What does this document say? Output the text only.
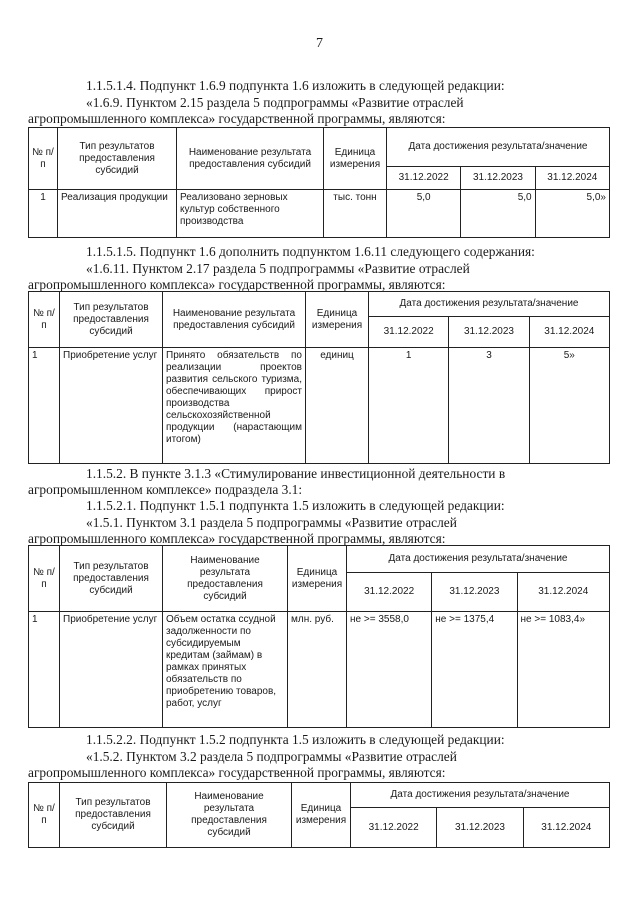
7
1.1.5.1.4. Подпункт 1.6.9 подпункта 1.6 изложить в следующей редакции:
«1.6.9. Пунктом 2.15 раздела 5 подпрограммы «Развитие отраслей
агропромышленного комплекса» государственной программы, являются:
№ п/п	Тип результатов предоставления субсидий	Наименование результата предоставления субсидий	Единица измерения	Дата достижения результата/значение		
				31.12.2022	31.12.2023	31.12.2024
1	Реализация продукции	Реализовано зерновых культур собственного производства	тыс. тонн	5,0	5,0	5,0»
1.1.5.1.5. Подпункт 1.6 дополнить подпунктом 1.6.11 следующего содержания:
«1.6.11. Пунктом 2.17 раздела 5 подпрограммы «Развитие отраслей
агропромышленного комплекса» государственной программы, являются:
№ п/п	Тип результатов предоставления субсидий	Наименование результата предоставления субсидий	Единица измерения	Дата достижения результата/значение		
				31.12.2022	31.12.2023	31.12.2024
1	Приобретение услуг	Принято обязательств по реализации проектов развития сельского туризма, обеспечивающих прирост производства сельскохозяйственной продукции (нарастающим итогом)	единиц	1	3	5»
1.1.5.2. В пункте 3.1.3 «Стимулирование инвестиционной деятельности в
агропромышленном комплексе» подраздела 3.1:
1.1.5.2.1. Подпункт 1.5.1 подпункта 1.5 изложить в следующей редакции:
«1.5.1. Пунктом 3.1 раздела 5 подпрограммы «Развитие отраслей
агропромышленного комплекса» государственной программы, являются:
№ п/п	Тип результатов предоставления субсидий	Наименование результата предоставления субсидий	Единица измерения	Дата достижения результата/значение		
				31.12.2022	31.12.2023	31.12.2024
1	Приобретение услуг	Объем остатка ссудной задолженности по субсидируемым кредитам (займам) в рамках принятых обязательств по приобретению товаров, работ, услуг	млн. руб.	не >= 3558,0	не >= 1375,4	не >= 1083,4»
1.1.5.2.2. Подпункт 1.5.2 подпункта 1.5 изложить в следующей редакции:
«1.5.2. Пунктом 3.2 раздела 5 подпрограммы «Развитие отраслей
агропромышленного комплекса» государственной программы, являются:
№ п/п	Тип результатов предоставления субсидий	Наименование результата предоставления субсидий	Единица измерения	Дата достижения результата/значение		
				31.12.2022	31.12.2023	31.12.2024
